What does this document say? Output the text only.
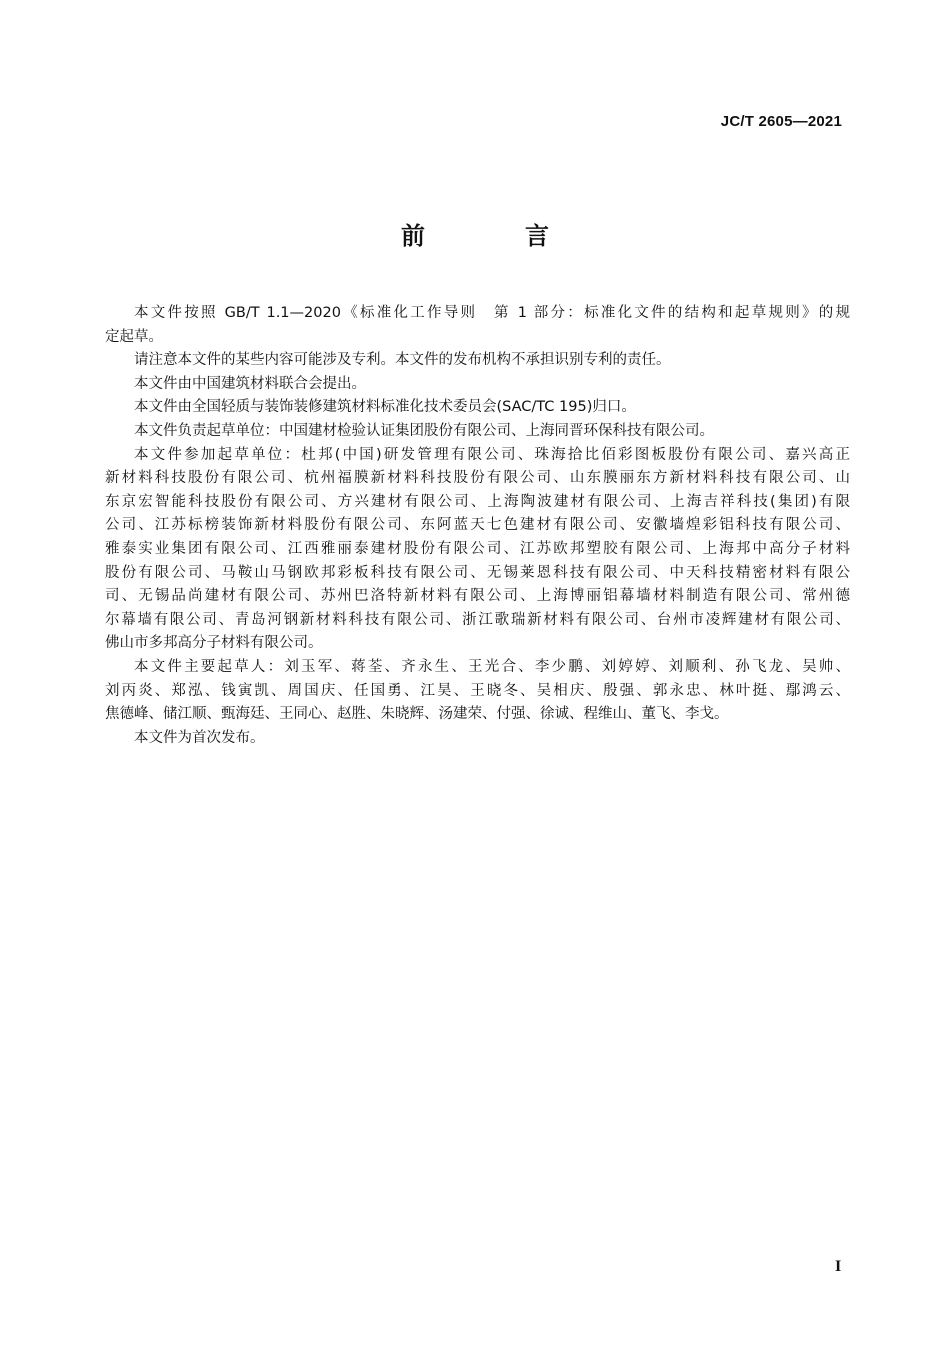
JC/T 2605—2021
前　言
本文件按照 GB/T 1.1—2020《标准化工作导则　第 1 部分：标准化文件的结构和起草规则》的规
定起草。
请注意本文件的某些内容可能涉及专利。本文件的发布机构不承担识别专利的责任。
本文件由中国建筑材料联合会提出。
本文件由全国轻质与装饰装修建筑材料标准化技术委员会(SAC/TC 195)归口。
本文件负责起草单位：中国建材检验认证集团股份有限公司、上海同晋环保科技有限公司。
本文件参加起草单位：杜邦(中国)研发管理有限公司、珠海拾比佰彩图板股份有限公司、嘉兴高正
新材料科技股份有限公司、杭州福膜新材料科技股份有限公司、山东膜丽东方新材料科技有限公司、山
东京宏智能科技股份有限公司、方兴建材有限公司、上海陶波建材有限公司、上海吉祥科技(集团)有限
公司、江苏标榜装饰新材料股份有限公司、东阿蓝天七色建材有限公司、安徽墙煌彩铝科技有限公司、
雅泰实业集团有限公司、江西雅丽泰建材股份有限公司、江苏欧邦塑胶有限公司、上海邦中高分子材料
股份有限公司、马鞍山马钢欧邦彩板科技有限公司、无锡莱恩科技有限公司、中天科技精密材料有限公
司、无锡品尚建材有限公司、苏州巴洛特新材料有限公司、上海博丽铝幕墙材料制造有限公司、常州德
尔幕墙有限公司、青岛河钢新材料科技有限公司、浙江歌瑞新材料有限公司、台州市凌辉建材有限公司、
佛山市多邦高分子材料有限公司。
本文件主要起草人：刘玉军、蒋荃、齐永生、王光合、李少鹏、刘婷婷、刘顺利、孙飞龙、吴帅、
刘丙炎、郑泓、钱寅凯、周国庆、任国勇、江昊、王晓冬、吴相庆、殷强、郭永忠、林叶挺、鄢鸿云、
焦德峰、储江顺、甄海廷、王同心、赵胜、朱晓辉、汤建荣、付强、徐诚、程维山、董飞、李戈。
本文件为首次发布。
I
